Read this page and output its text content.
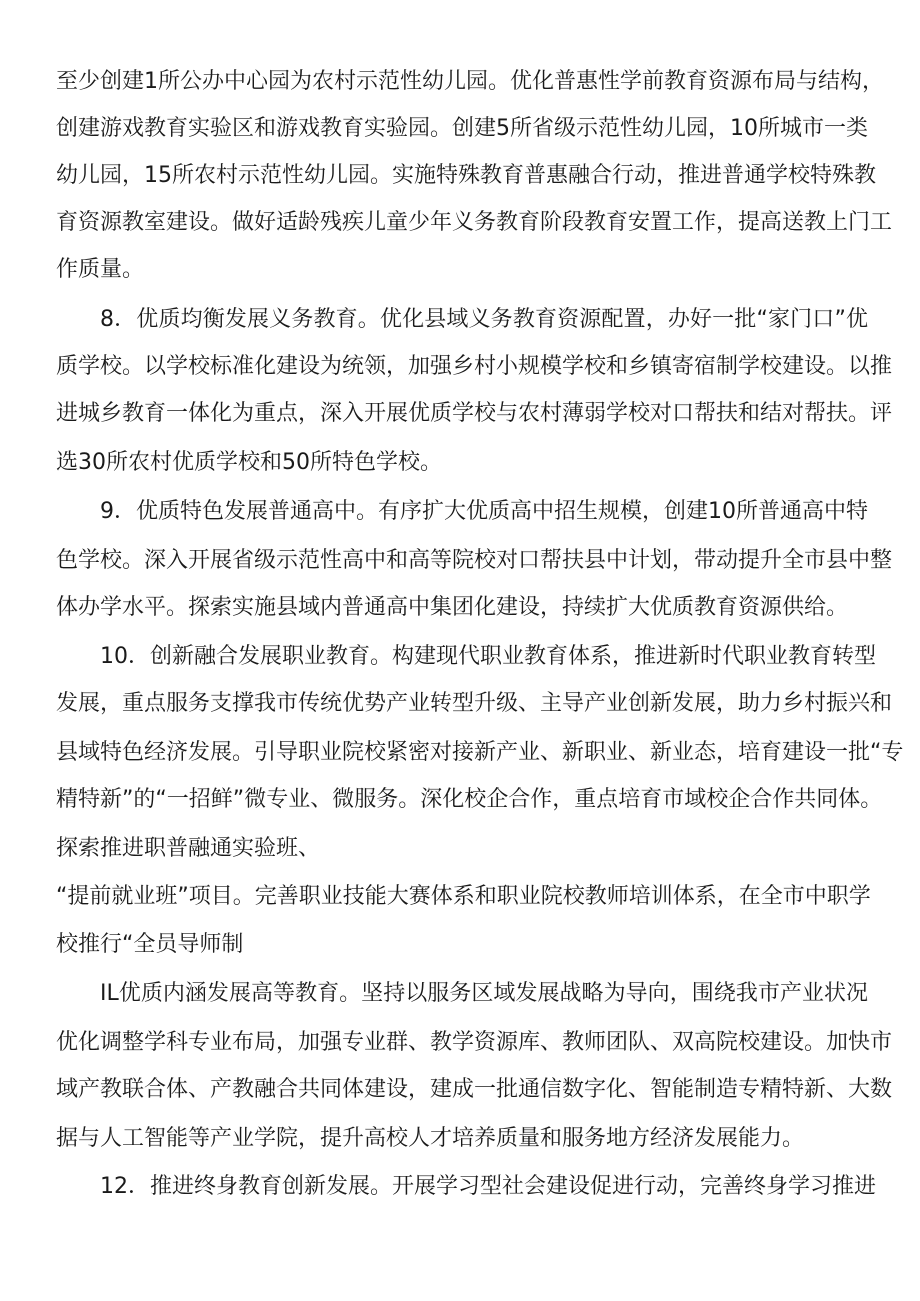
至少创建1所公办中心园为农村示范性幼儿园。优化普惠性学前教育资源布局与结构，
创建游戏教育实验区和游戏教育实验园。创建5所省级示范性幼儿园，10所城市一类
幼儿园，15所农村示范性幼儿园。实施特殊教育普惠融合行动，推进普通学校特殊教
育资源教室建设。做好适龄残疾儿童少年义务教育阶段教育安置工作，提高送教上门工
作质量。
8．优质均衡发展义务教育。优化县域义务教育资源配置，办好一批“家门口”优
质学校。以学校标准化建设为统领，加强乡村小规模学校和乡镇寄宿制学校建设。以推
进城乡教育一体化为重点，深入开展优质学校与农村薄弱学校对口帮扶和结对帮扶。评
选30所农村优质学校和50所特色学校。
9．优质特色发展普通高中。有序扩大优质高中招生规模，创建10所普通高中特
色学校。深入开展省级示范性高中和高等院校对口帮扶县中计划，带动提升全市县中整
体办学水平。探索实施县域内普通高中集团化建设，持续扩大优质教育资源供给。
10．创新融合发展职业教育。构建现代职业教育体系，推进新时代职业教育转型
发展，重点服务支撑我市传统优势产业转型升级、主导产业创新发展，助力乡村振兴和
县域特色经济发展。引导职业院校紧密对接新产业、新职业、新业态，培育建设一批“专
精特新”的“一招鲜”微专业、微服务。深化校企合作，重点培育市域校企合作共同体。
探索推进职普融通实验班、
“提前就业班”项目。完善职业技能大赛体系和职业院校教师培训体系，在全市中职学
校推行“全员导师制
IL优质内涵发展高等教育。坚持以服务区域发展战略为导向，围绕我市产业状况
优化调整学科专业布局，加强专业群、教学资源库、教师团队、双高院校建设。加快市
域产教联合体、产教融合共同体建设，建成一批通信数字化、智能制造专精特新、大数
据与人工智能等产业学院，提升高校人才培养质量和服务地方经济发展能力。
12．推进终身教育创新发展。开展学习型社会建设促进行动，完善终身学习推进
